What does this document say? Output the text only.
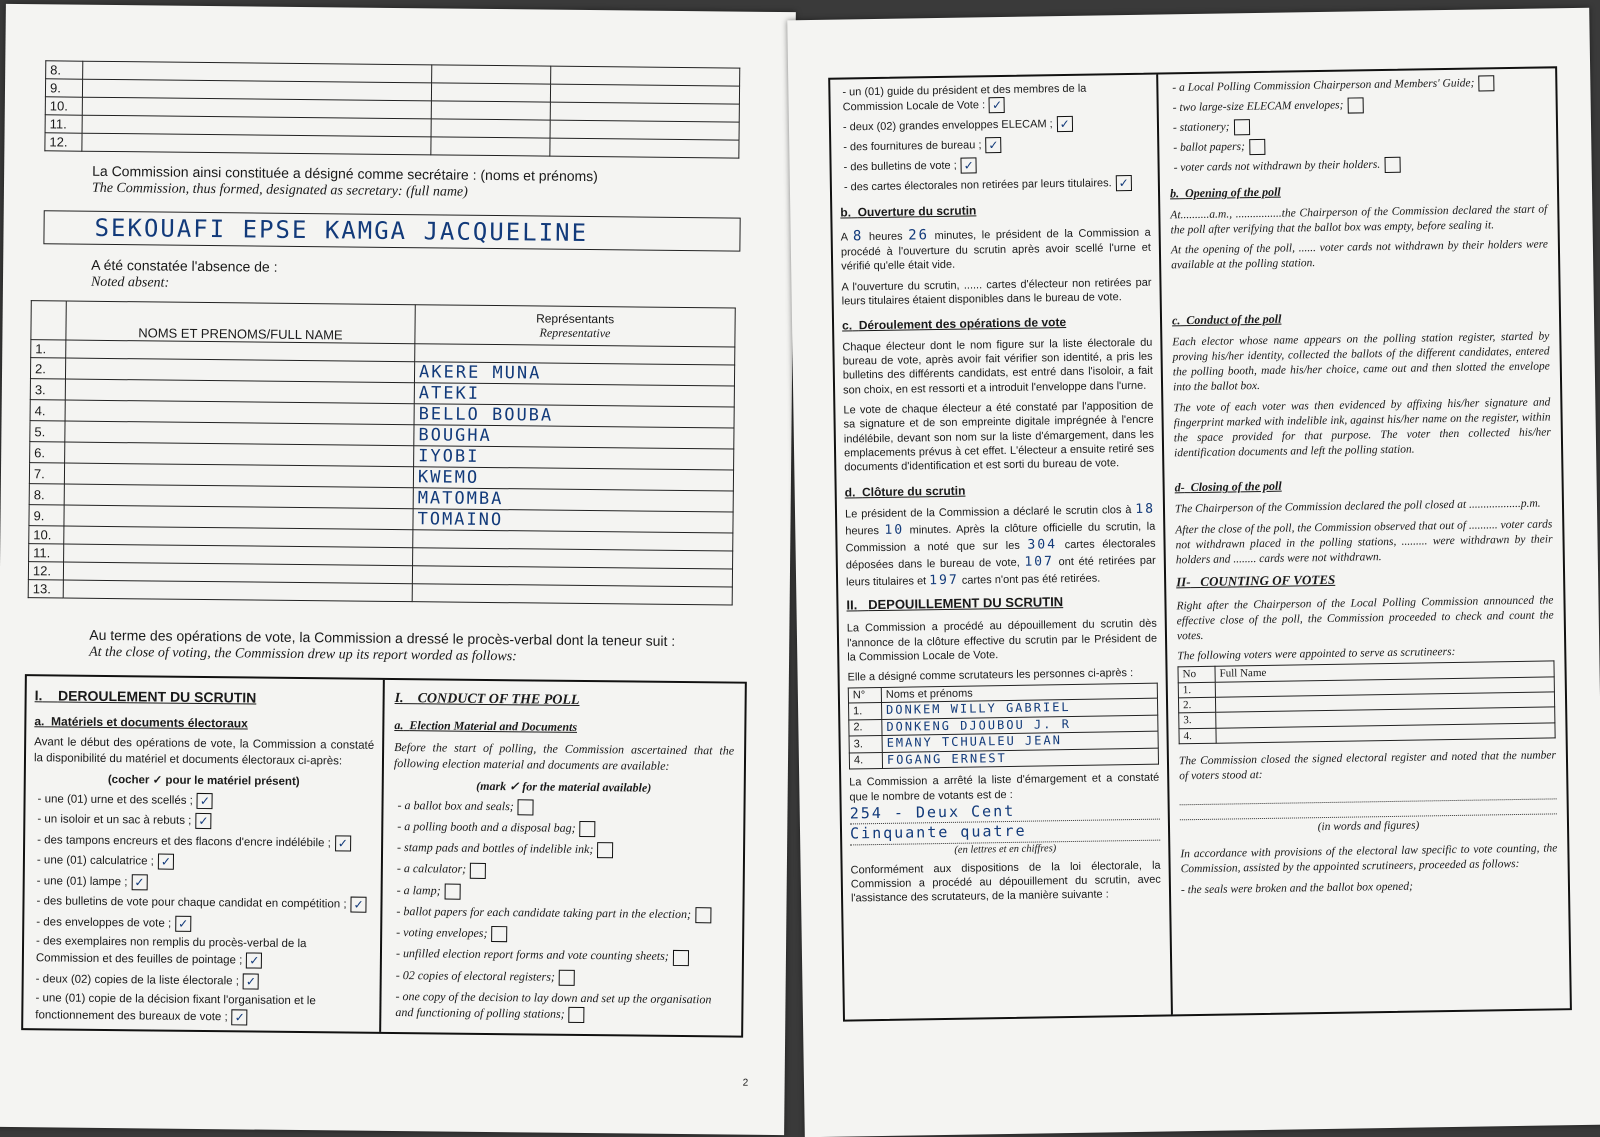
8.			
9.			
10.			
11.			
12.			
La Commission ainsi constituée a désigné comme secrétaire : (noms et prénoms)
The Commission, thus formed, designated as secretary: (full name)
SEKOUAFI EPSE KAMGA JACQUELINE
A été constatée l'absence de :
Noted absent:
	NOMS ET PRENOMS/FULL NAME	Représentants
Representative

1.		
2.		AKERE MUNA
3.		ATEKI
4.		BELLO BOUBA
5.		BOUGHA
6.		IYOBI
7.		KWEMO
8.		MATOMBA
9.		TOMAINO
10.		
11.		
12.		
13.		
Au terme des opérations de vote, la Commission a dressé le procès-verbal dont la teneur suit :
At the close of voting, the Commission drew up its report worded as follows:
I. DEROULEMENT DU SCRUTIN
a. Matériels et documents électoraux

Avant le début des opérations de vote, la Commission a constaté la disponibilité du matériel et documents électoraux ci-après:

(cocher ✓ pour le matériel présent)
- une (01) urne et des scellés ; ✓
- un isoloir et un sac à rebuts ; ✓
- des tampons encreurs et des flacons d'encre indélébile ; ✓
- une (01) calculatrice ; ✓
- une (01) lampe ; ✓
- des bulletins de vote pour chaque candidat en compétition ; ✓
- des enveloppes de vote ; ✓
- des exemplaires non remplis du procès-verbal de la Commission et des feuilles de pointage ; ✓
- deux (02) copies de la liste électorale ; ✓
- une (01) copie de la décision fixant l'organisation et le fonctionnement des bureaux de vote ; ✓
I. CONDUCT OF THE POLL
a. Election Material and Documents

Before the start of polling, the Commission ascertained that the following election material and documents are available:

(mark ✓ for the material available)
- a ballot box and seals;
- a polling booth and a disposal bag;
- stamp pads and bottles of indelible ink;
- a calculator;
- a lamp;
- ballot papers for each candidate taking part in the election;
- voting envelopes;
- unfilled election report forms and vote counting sheets;
- 02 copies of electoral registers;
- one copy of the decision to lay down and set up the organisation and functioning of polling stations;
2
- un (01) guide du président et des membres de la Commission Locale de Vote : ✓
- deux (02) grandes enveloppes ELECAM ; ✓
- des fournitures de bureau ; ✓
- des bulletins de vote ; ✓
- des cartes électorales non retirées par leurs titulaires. ✓
b. Ouverture du scrutin

A 8 heures 26 minutes, le président de la Commission a procédé à l'ouverture du scrutin après avoir scellé l'urne et vérifié qu'elle était vide.

A l'ouverture du scrutin, ...... cartes d'électeur non retirées par leurs titulaires étaient disponibles dans le bureau de vote.

c. Déroulement des opérations de vote

Chaque électeur dont le nom figure sur la liste électorale du bureau de vote, après avoir fait vérifier son identité, a pris les bulletins des différents candidats, est entré dans l'isoloir, a fait son choix, en est ressorti et a introduit l'enveloppe dans l'urne.

Le vote de chaque électeur a été constaté par l'apposition de sa signature et de son empreinte digitale imprégnée à l'encre indélébile, devant son nom sur la liste d'émargement, dans les emplacements prévus à cet effet. L'électeur a ensuite retiré ses documents d'identification et est sorti du bureau de vote.

d. Clôture du scrutin

Le président de la Commission a déclaré le scrutin clos à 18 heures 10 minutes. Après la clôture officielle du scrutin, la Commission a noté que sur les 304 cartes électorales déposées dans le bureau de vote, 107 ont été retirées par leurs titulaires et 197 cartes n'ont pas été retirées.

II. DEPOUILLEMENT DU SCRUTIN

La Commission a procédé au dépouillement du scrutin dès l'annonce de la clôture effective du scrutin par le Président de la Commission Locale de Vote.

Elle a désigné comme scrutateurs les personnes ci-après :

N°	Noms et prénoms
1.	DONKEM WILLY GABRIEL
2.	DONKENG DJOUBOU J. R
3.	EMANY TCHUALEU JEAN
4.	FOGANG ERNEST

La Commission a arrêté la liste d'émargement et a constaté que le nombre de votants est de :

254 - Deux Cent
Cinquante quatre
(en lettres et en chiffres)

Conformément aux dispositions de la loi électorale, la Commission a procédé au dépouillement du scrutin, avec l'assistance des scrutateurs, de la manière suivante :

- a Local Polling Commission Chairperson and Members' Guide;
- two large-size ELECAM envelopes;
- stationery;
- ballot papers;
- voter cards not withdrawn by their holders.
b. Opening of the poll

At..........a.m., ................the Chairperson of the Commission declared the start of the poll after verifying that the ballot box was empty, before sealing it.

At the opening of the poll, ...... voter cards not withdrawn by their holders were available at the polling station.

c. Conduct of the poll

Each elector whose name appears on the polling station register, started by proving his/her identity, collected the ballots of the different candidates, entered the polling booth, made his/her choice, came out and then slotted the envelope into the ballot box.

The vote of each voter was then evidenced by affixing his/her signature and fingerprint marked with indelible ink, against his/her name on the register, within the space provided for that purpose. The voter then collected his/her identification documents and left the polling station.

d- Closing of the poll

The Chairperson of the Commission declared the poll closed at ..................p.m.

After the close of the poll, the Commission observed that out of .......... voter cards not withdrawn placed in the polling stations, ......... were withdrawn by their holders and ........ cards were not withdrawn.

II- COUNTING OF VOTES

Right after the Chairperson of the Local Polling Commission announced the effective close of the poll, the Commission proceeded to check and count the votes.

The following voters were appointed to serve as scrutineers:

No	Full Name
1.	
2.	
3.	
4.	

The Commission closed the signed electoral register and noted that the number of voters stood at:

(in words and figures)

In accordance with provisions of the electoral law specific to vote counting, the Commission, assisted by the appointed scrutineers, proceeded as follows:

- the seals were broken and the ballot box opened;
